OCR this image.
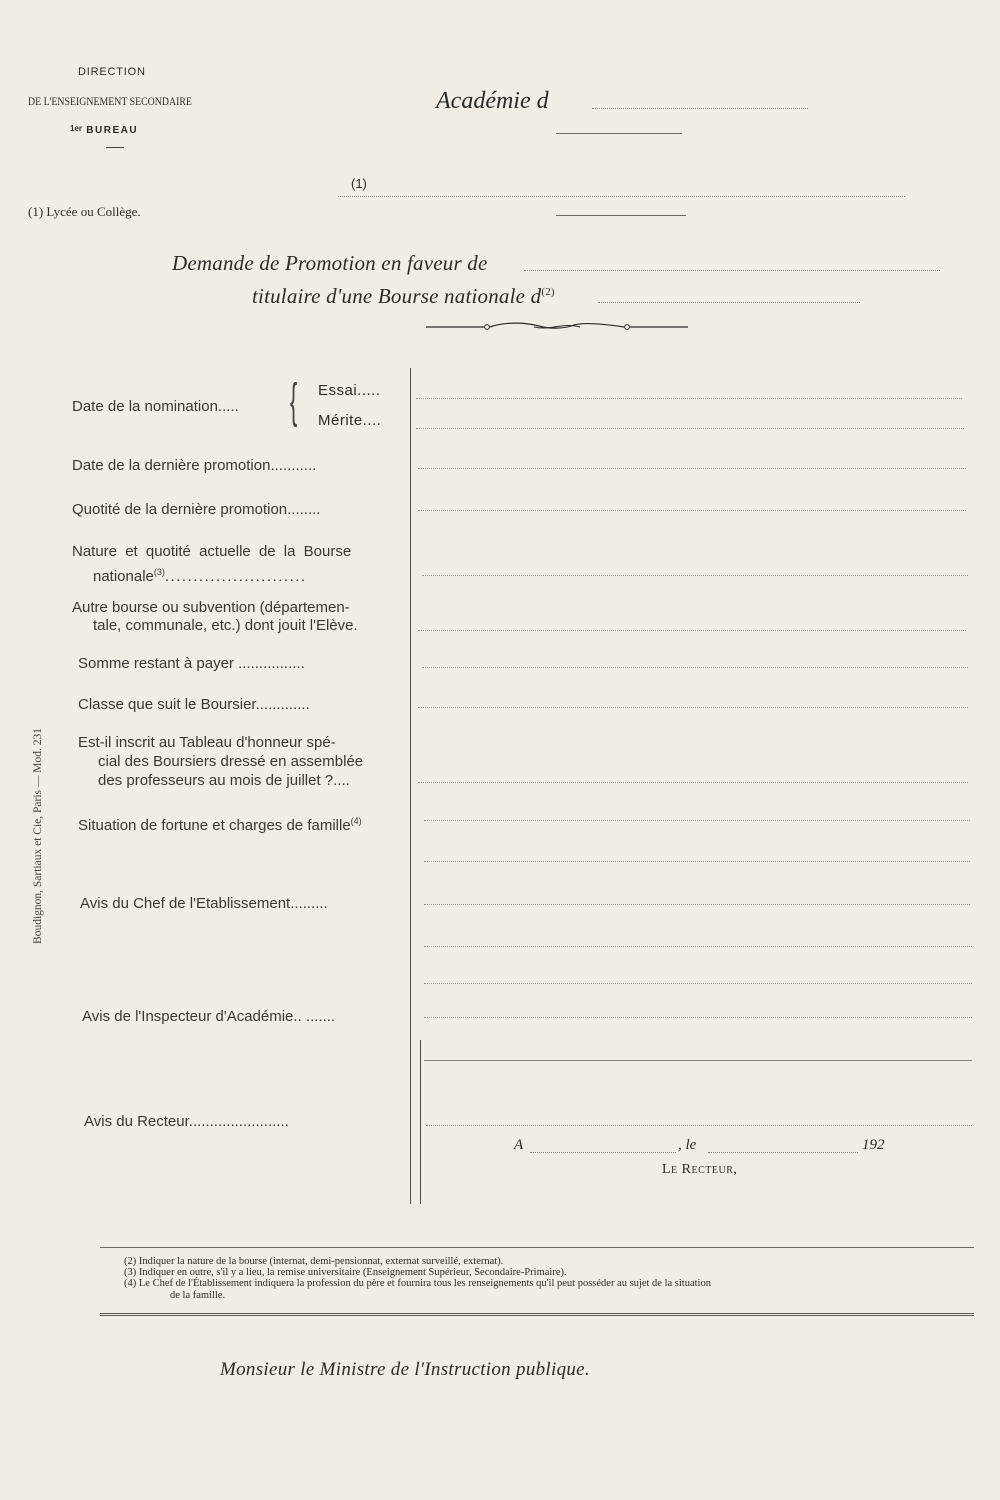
DIRECTION
DE L'ENSEIGNEMENT SECONDAIRE
$^{1er}$ BUREAU
Académie d
(1)
(1) Lycée ou Collège.
Demande de Promotion en faveur de
titulaire d'une Bourse nationale $d^{(2)}$
Date de la nomination.....	{ Essai.....
Mérite....
Date de la dernière promotion...........
Quotité de la dernière promotion........
Nature et quotité actuelle de la Bourse
nationale$^{(3)}$.........................
Autre bourse ou subvention (départemen-
tale, communale, etc.) dont jouit l'Elève.
Somme restant à payer ................
Classe que suit le Boursier.............
Est-il inscrit au Tableau d'honneur spé-
cial des Boursiers dressé en assemblée
des professeurs au mois de juillet ?....
Situation de fortune et charges de famille$^{(4)}$
Avis du Chef de l'Etablissement.........
Avis de l'Inspecteur d'Académie.. .......
Avis du Recteur........................
A	, le	192
Le Recteur,
Boudignon, Sartiaux et Cie, Paris — Mod. 231
(2) Indiquer la nature de la bourse (internat, demi-pensionnat, externat surveillé, externat).
(3) Indiquer en outre, s'il y a lieu, la remise universitaire (Enseignement Supérieur, Secondaire-Primaire).
(4) Le Chef de l'Établissement indiquera la profession du père et fournira tous les renseignements qu'il peut posséder au sujet de la situation
de la famille.
Monsieur le Ministre de l'Instruction publique.
